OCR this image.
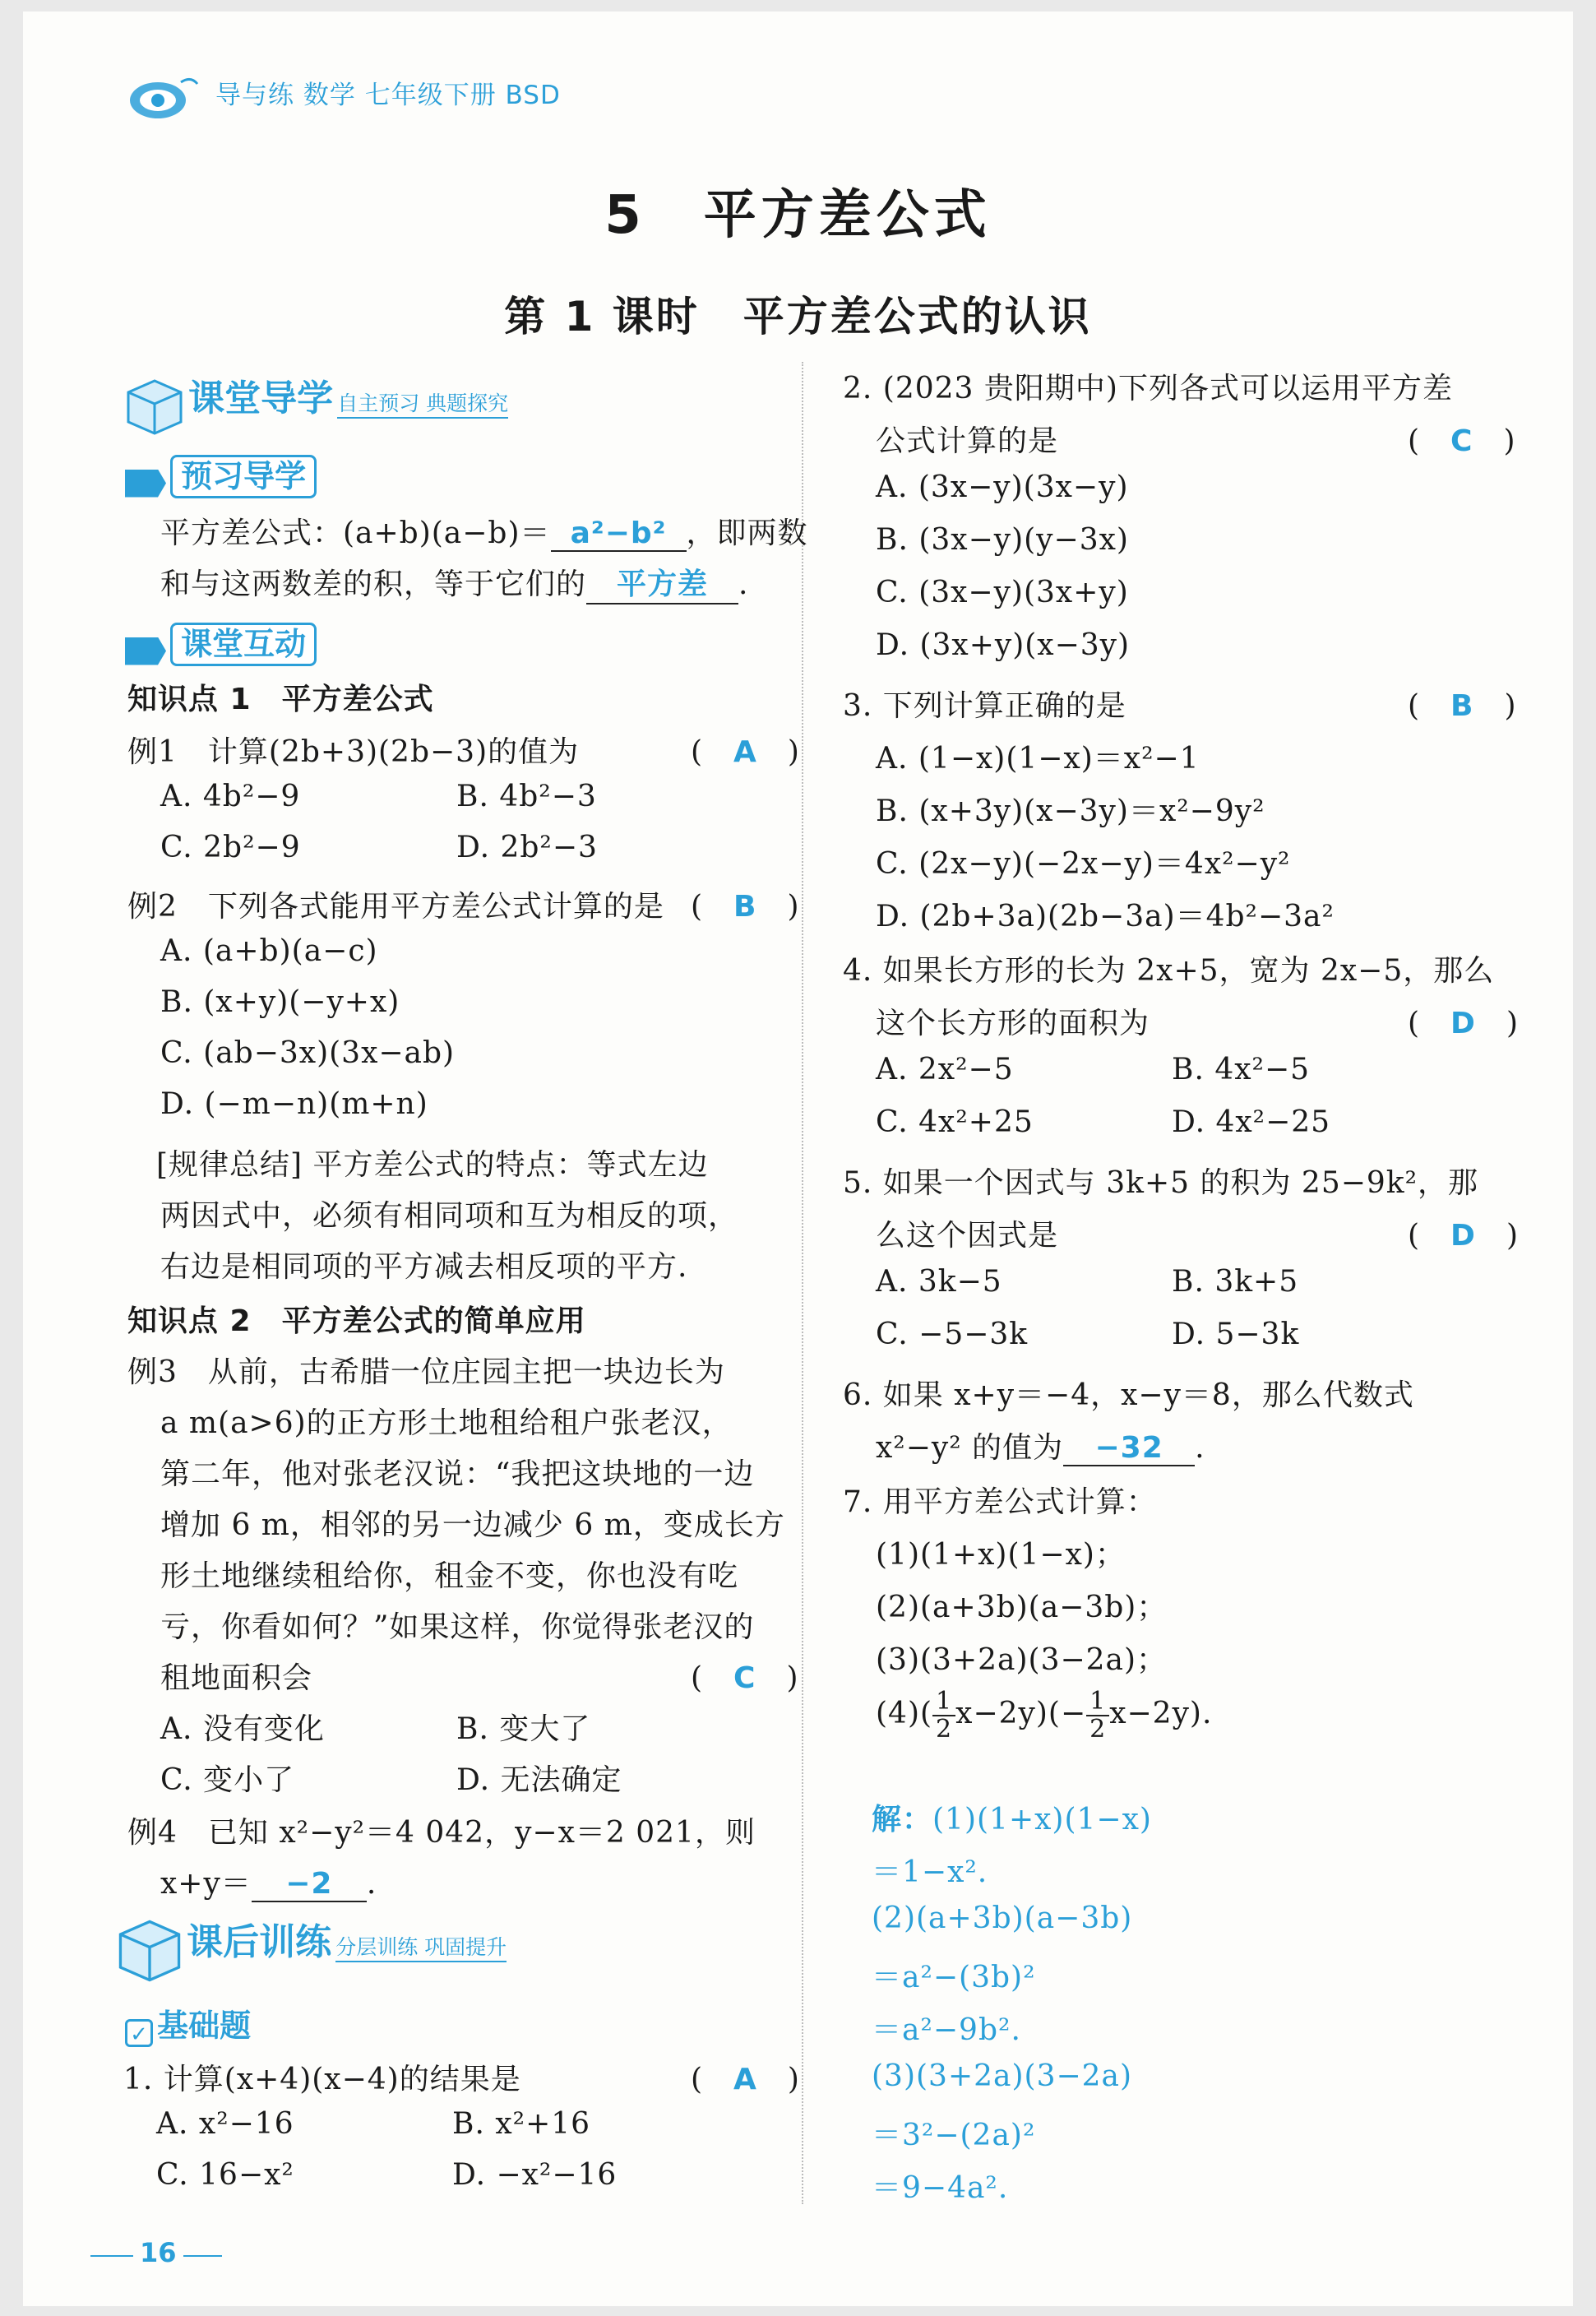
导与练 数学 七年级下册 BSD
5　平方差公式
第 1 课时　平方差公式的认识
课堂导学 自主预习 典题探究
预习导学
平方差公式：(a+b)(a−b)＝ a²−b² ，即两数
和与这两数差的积，等于它们的 平方差 .
课堂互动
知识点 1　平方差公式
例1　计算(2b+3)(2b−3)的值为	(　A　)
A. 4b²−9	B. 4b²−3
C. 2b²−9	D. 2b²−3
例2　下列各式能用平方差公式计算的是 (　B　)
A. (a+b)(a−c)
B. (x+y)(−y+x)
C. (ab−3x)(3x−ab)
D. (−m−n)(m+n)
[规律总结] 平方差公式的特点：等式左边
两因式中，必须有相同项和互为相反的项，
右边是相同项的平方减去相反项的平方.
知识点 2　平方差公式的简单应用
例3　从前，古希腊一位庄园主把一块边长为
a m(a>6)的正方形土地租给租户张老汉，
第二年，他对张老汉说：“我把这块地的一边
增加 6 m，相邻的另一边减少 6 m，变成长方
形土地继续租给你，租金不变，你也没有吃
亏，你看如何？”如果这样，你觉得张老汉的
租地面积会	(　C　)
A. 没有变化	B. 变大了
C. 变小了	D. 无法确定
例4　已知 x²−y²＝4 042，y−x＝2 021，则
x+y＝ −2 .
课后训练 分层训练 巩固提升
✓ 基础题
1. 计算(x+4)(x−4)的结果是	(　A　)
A. x²−16	B. x²+16
C. 16−x²	D. −x²−16
2. (2023 贵阳期中)下列各式可以运用平方差
公式计算的是	(　C　)
A. (3x−y)(3x−y)
B. (3x−y)(y−3x)
C. (3x−y)(3x+y)
D. (3x+y)(x−3y)
3. 下列计算正确的是	(　B　)
A. (1−x)(1−x)＝x²−1
B. (x+3y)(x−3y)＝x²−9y²
C. (2x−y)(−2x−y)＝4x²−y²
D. (2b+3a)(2b−3a)＝4b²−3a²
4. 如果长方形的长为 2x+5，宽为 2x−5，那么
这个长方形的面积为	(　D　)
A. 2x²−5	B. 4x²−5
C. 4x²+25	D. 4x²−25
5. 如果一个因式与 3k+5 的积为 25−9k²，那
么这个因式是	(　D　)
A. 3k−5	B. 3k+5
C. −5−3k	D. 5−3k
6. 如果 x+y＝−4，x−y＝8，那么代数式
x²−y² 的值为 −32 .
7. 用平方差公式计算：
(1)(1+x)(1−x)；
(2)(a+3b)(a−3b)；
(3)(3+2a)(3−2a)；
$(4)( \frac{1}{2} x-2y)(- \frac{1}{2} x-2y)$.
解：(1)(1+x)(1−x)
＝1−x².
(2)(a+3b)(a−3b)
＝a²−(3b)²
＝a²−9b².
(3)(3+2a)(3−2a)
＝3²−(2a)²
＝9−4a².
16
